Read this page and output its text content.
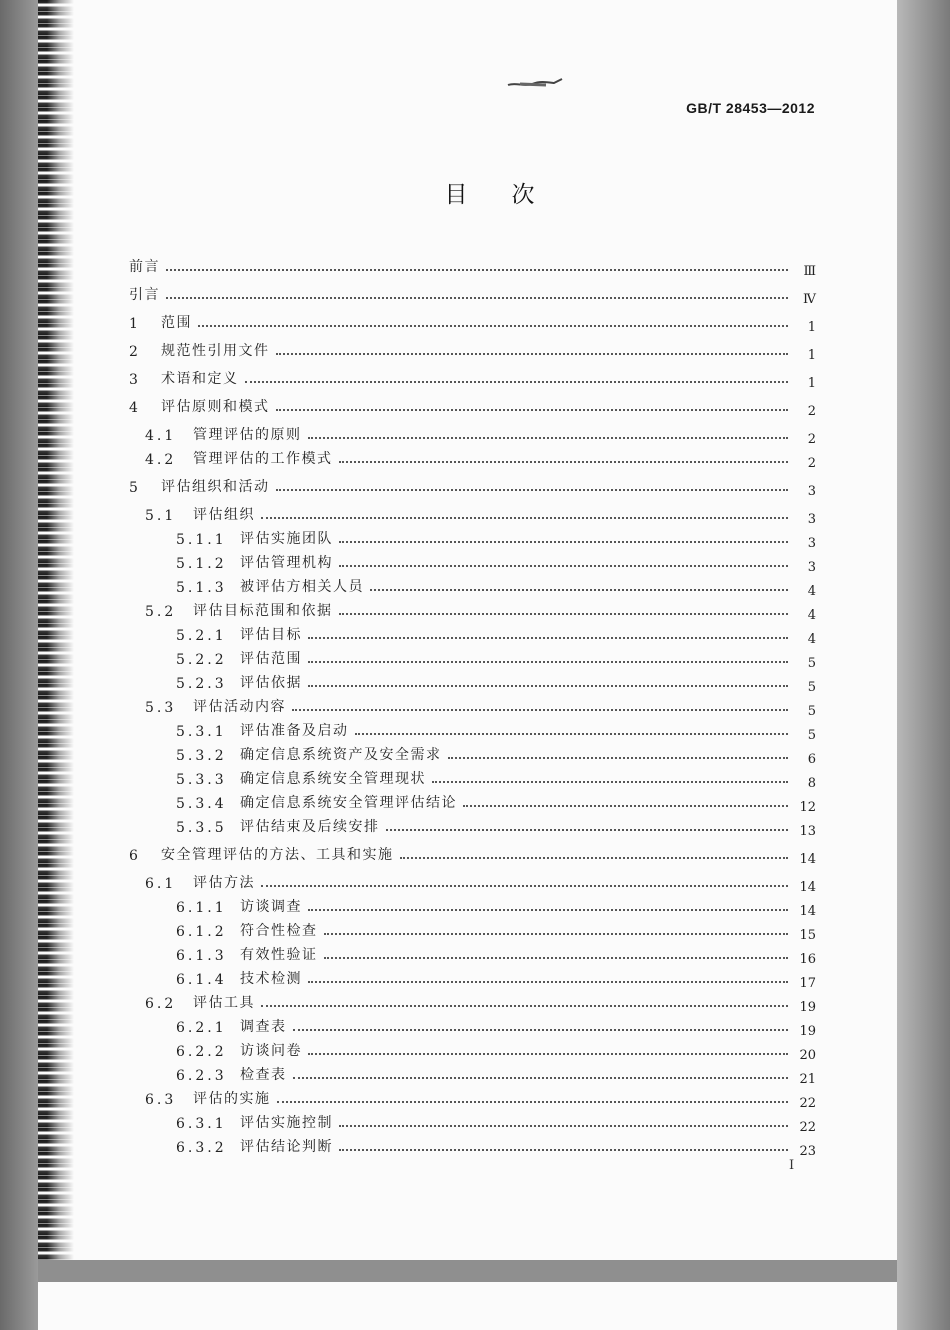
GB/T 28453—2012
目次
前言	Ⅲ
引言	Ⅳ
1	范围	1
2	规范性引用文件	1
3	术语和定义	1
4	评估原则和模式	2
4.1	管理评估的原则	2
4.2	管理评估的工作模式	2
5	评估组织和活动	3
5.1	评估组织	3
5.1.1 评估实施团队	3
5.1.2 评估管理机构	3
5.1.3 被评估方相关人员	4
5.2	评估目标范围和依据	4
5.2.1 评估目标	4
5.2.2 评估范围	5
5.2.3 评估依据	5
5.3	评估活动内容	5
5.3.1 评估准备及启动	5
5.3.2 确定信息系统资产及安全需求	6
5.3.3 确定信息系统安全管理现状	8
5.3.4 确定信息系统安全管理评估结论	12
5.3.5 评估结束及后续安排	13
6	安全管理评估的方法、工具和实施	14
6.1	评估方法	14
6.1.1 访谈调查	14
6.1.2 符合性检查	15
6.1.3 有效性验证	16
6.1.4 技术检测	17
6.2	评估工具	19
6.2.1 调查表	19
6.2.2 访谈问卷	20
6.2.3 检查表	21
6.3	评估的实施	22
6.3.1 评估实施控制	22
6.3.2 评估结论判断	23
Ⅰ
